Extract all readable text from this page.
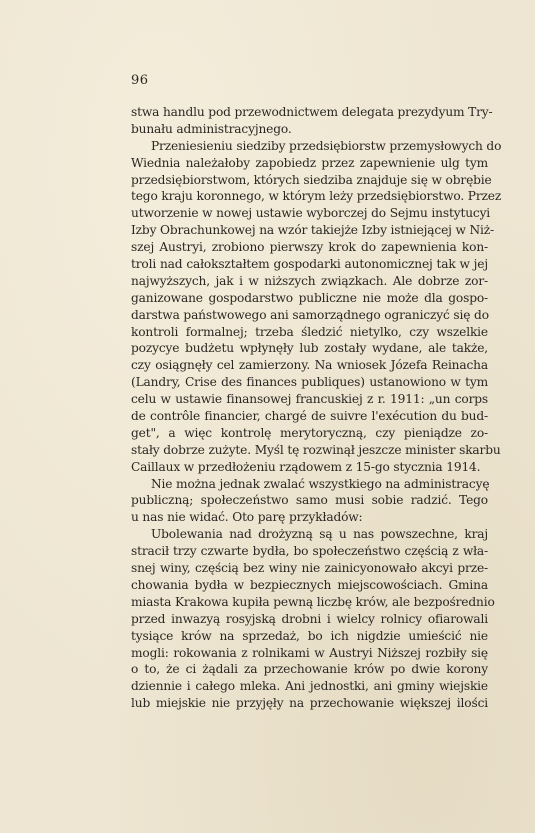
96
stwa handlu pod przewodnictwem delegata prezydyum Try-
bunału administracyjnego.
Przeniesieniu siedziby przedsiębiorstw przemysłowych do
Wiednia należałoby zapobiedz przez zapewnienie ulg tym
przedsiębiorstwom, których siedziba znajduje się w obrębie
tego kraju koronnego, w którym leży przedsiębiorstwo. Przez
utworzenie w nowej ustawie wyborczej do Sejmu instytucyi
Izby Obrachunkowej na wzór takiejże Izby istniejącej w Niż-
szej Austryi, zrobiono pierwszy krok do zapewnienia kon-
troli nad całokształtem gospodarki autonomicznej tak w jej
najwyższych, jak i w niższych związkach. Ale dobrze zor-
ganizowane gospodarstwo publiczne nie może dla gospo-
darstwa państwowego ani samorządnego ograniczyć się do
kontroli formalnej; trzeba śledzić nietylko, czy wszelkie
pozycye budżetu wpłynęły lub zostały wydane, ale także,
czy osiągnęły cel zamierzony. Na wniosek Józefa Reinacha
(Landry, Crise des finances publiques) ustanowiono w tym
celu w ustawie finansowej francuskiej z r. 1911: „un corps
de contrôle financier, chargé de suivre l'exécution du bud-
get", a więc kontrolę merytoryczną, czy pieniądze zo-
stały dobrze zużyte. Myśl tę rozwinął jeszcze minister skarbu
Caillaux w przedłożeniu rządowem z 15-go stycznia 1914.
Nie można jednak zwalać wszystkiego na administracyę
publiczną; społeczeństwo samo musi sobie radzić. Tego
u nas nie widać. Oto parę przykładów:
Ubolewania nad drożyzną są u nas powszechne, kraj
stracił trzy czwarte bydła, bo społeczeństwo częścią z wła-
snej winy, częścią bez winy nie zainicyonowało akcyi prze-
chowania bydła w bezpiecznych miejscowościach. Gmina
miasta Krakowa kupiła pewną liczbę krów, ale bezpośrednio
przed inwazyą rosyjską drobni i wielcy rolnicy ofiarowali
tysiące krów na sprzedaż, bo ich nigdzie umieścić nie
mogli: rokowania z rolnikami w Austryi Niższej rozbiły się
o to, że ci żądali za przechowanie krów po dwie korony
dziennie i całego mleka. Ani jednostki, ani gminy wiejskie
lub miejskie nie przyjęły na przechowanie większej ilości
